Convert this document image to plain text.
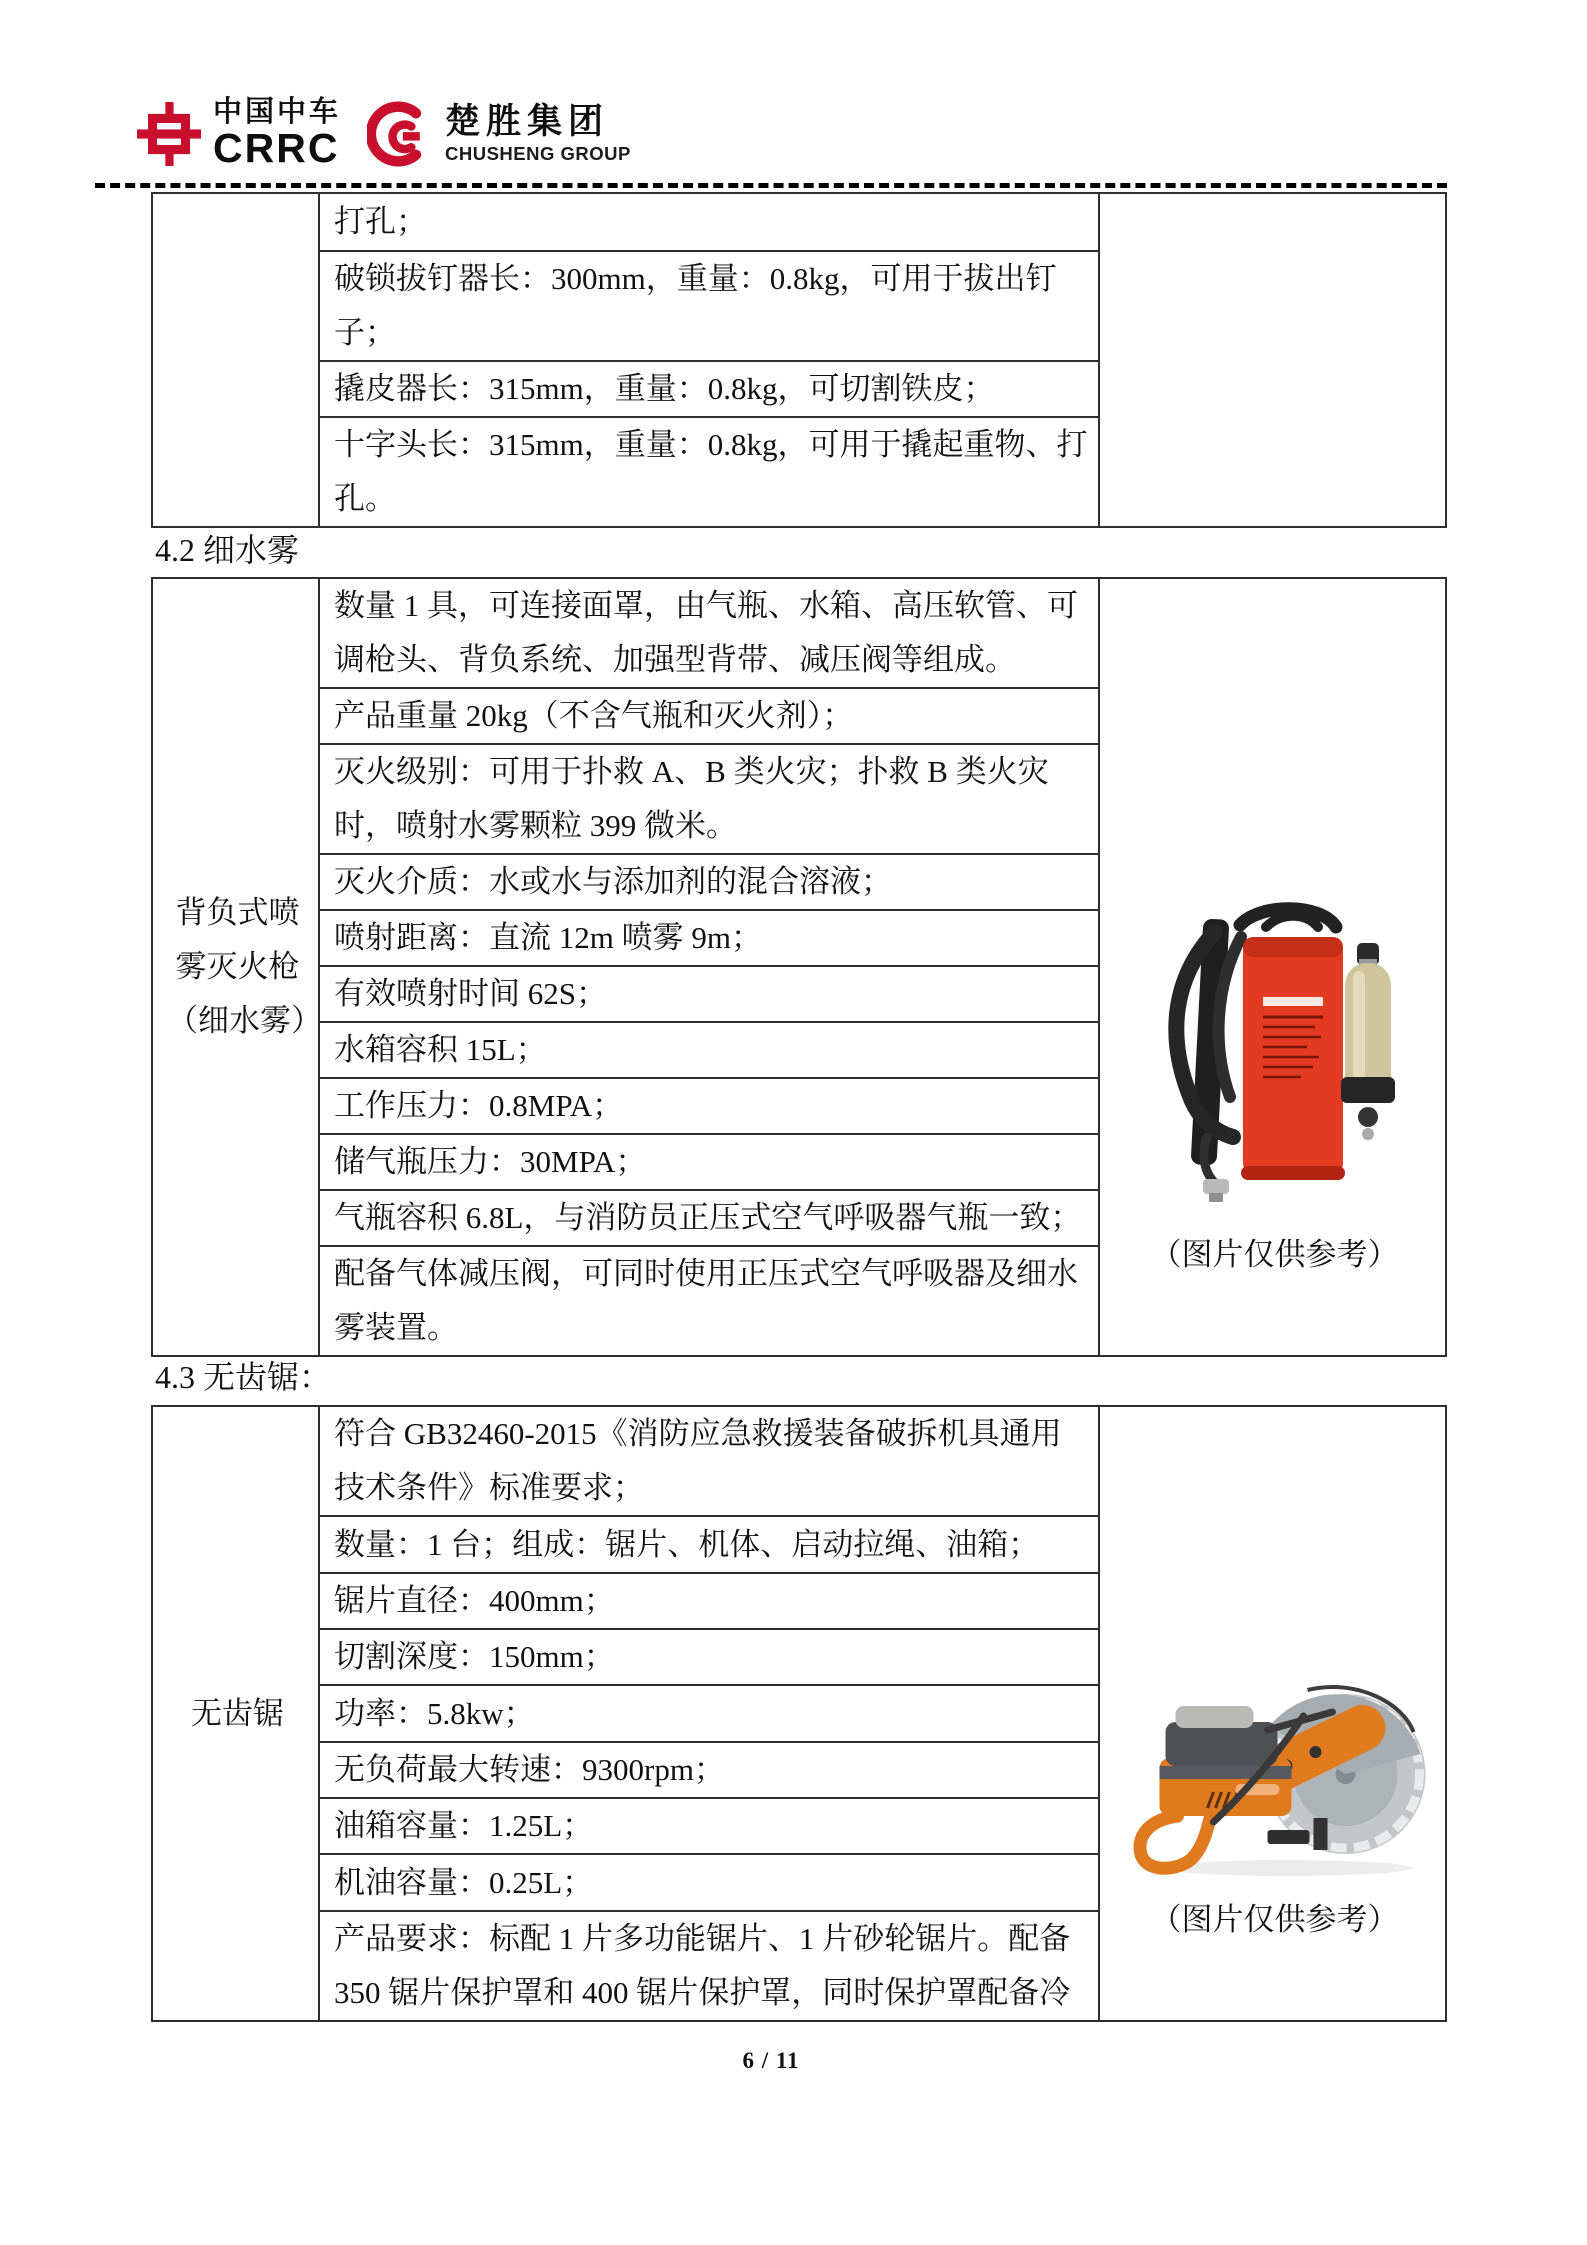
中国中车
CRRC
楚胜集团
CHUSHENG GROUP
	打孔；	
破锁拔钉器长：300mm，重量：0.8kg，可用于拔出钉子；
撬皮器长：315mm，重量：0.8kg，可切割铁皮；
十字头长：315mm，重量：0.8kg，可用于撬起重物、打孔。
4.2 细水雾
背负式喷雾灭火枪（细水雾）	数量 1 具，可连接面罩，由气瓶、水箱、高压软管、可调枪头、背负系统、加强型背带、减压阀等组成。	
（图片仅供参考）

产品重量 20kg（不含气瓶和灭火剂）；
灭火级别：可用于扑救 A、B 类火灾；扑救 B 类火灾时，喷射水雾颗粒 399 微米。
灭火介质：水或水与添加剂的混合溶液；
喷射距离：直流 12m 喷雾 9m；
有效喷射时间 62S；
水箱容积 15L；
工作压力：0.8MPA；
储气瓶压力：30MPA；
气瓶容积 6.8L，与消防员正压式空气呼吸器气瓶一致；
配备气体减压阀，可同时使用正压式空气呼吸器及细水雾装置。
4.3 无齿锯：
无齿锯	符合 GB32460-2015《消防应急救援装备破拆机具通用技术条件》标准要求；	
（图片仅供参考）

数量：1 台；组成：锯片、机体、启动拉绳、油箱；
锯片直径：400mm；
切割深度：150mm；
功率：5.8kw；
无负荷最大转速：9300rpm；
油箱容量：1.25L；
机油容量：0.25L；
产品要求：标配 1 片多功能锯片、1 片砂轮锯片。配备 350 锯片保护罩和 400 锯片保护罩，同时保护罩配备冷
6 / 11
